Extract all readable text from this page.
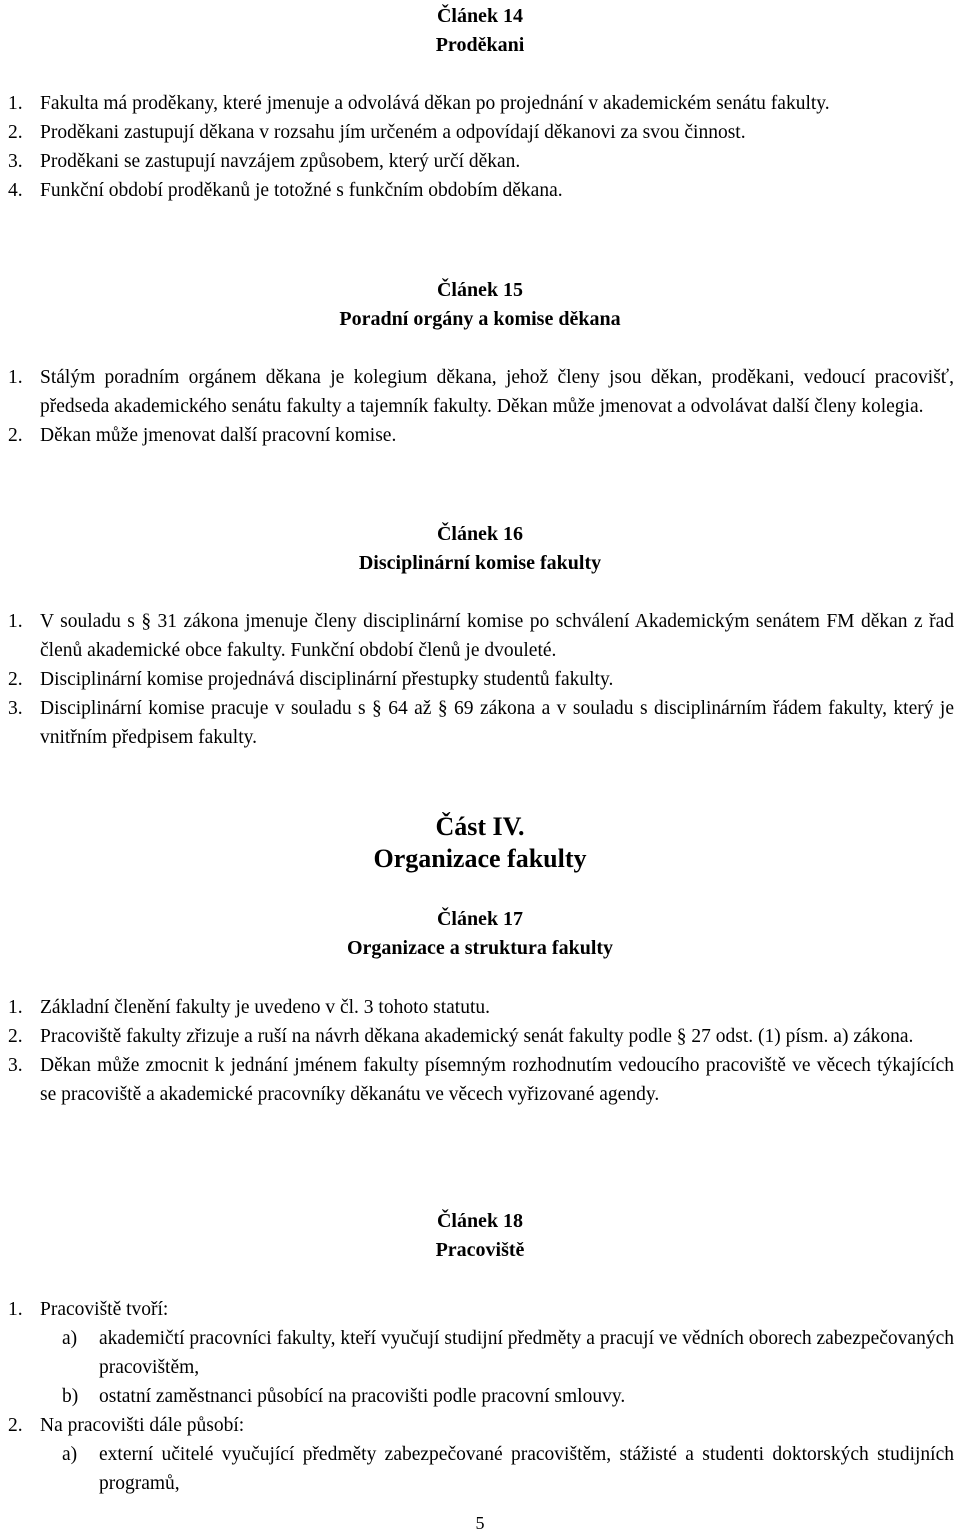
Článek 14
Proděkani
1. Fakulta má proděkany, které jmenuje a odvolává děkan po projednání v akademickém senátu fakulty.
2. Proděkani zastupují děkana v rozsahu jím určeném a odpovídají děkanovi za svou činnost.
3. Proděkani se zastupují navzájem způsobem, který určí děkan.
4. Funkční období proděkanů je totožné s funkčním obdobím děkana.
Článek 15
Poradní orgány a komise děkana
1. Stálým poradním orgánem děkana je kolegium děkana, jehož členy jsou děkan, proděkani, vedoucí pracovišť, předseda akademického senátu fakulty a tajemník fakulty. Děkan může jmenovat a odvolávat další členy kolegia.
2. Děkan může jmenovat další pracovní komise.
Článek 16
Disciplinární komise fakulty
1. V souladu s § 31 zákona jmenuje členy disciplinární komise po schválení Akademickým senátem FM děkan z řad členů akademické obce fakulty. Funkční období členů je dvouleté.
2. Disciplinární komise projednává disciplinární přestupky studentů fakulty.
3. Disciplinární komise pracuje v souladu s § 64 až § 69 zákona a v souladu s disciplinárním řádem fakulty, který je vnitřním předpisem fakulty.
Část IV.
Organizace fakulty
Článek 17
Organizace a struktura fakulty
1. Základní členění fakulty je uvedeno v čl. 3 tohoto statutu.
2. Pracoviště fakulty zřizuje a ruší na návrh děkana akademický senát fakulty podle § 27 odst. (1) písm. a) zákona.
3. Děkan může zmocnit k jednání jménem fakulty písemným rozhodnutím vedoucího pracoviště ve věcech týkajících se pracoviště a akademické pracovníky děkanátu ve věcech vyřizované agendy.
Článek 18
Pracoviště
1. Pracoviště tvoří:
a) akademičtí pracovníci fakulty, kteří vyučují studijní předměty a pracují ve vědních oborech zabezpečovaných pracovištěm,
b) ostatní zaměstnanci působící na pracovišti podle pracovní smlouvy.
2. Na pracovišti dále působí:
a) externí učitelé vyučující předměty zabezpečované pracovištěm, stážisté a studenti doktorských studijních programů,
5
